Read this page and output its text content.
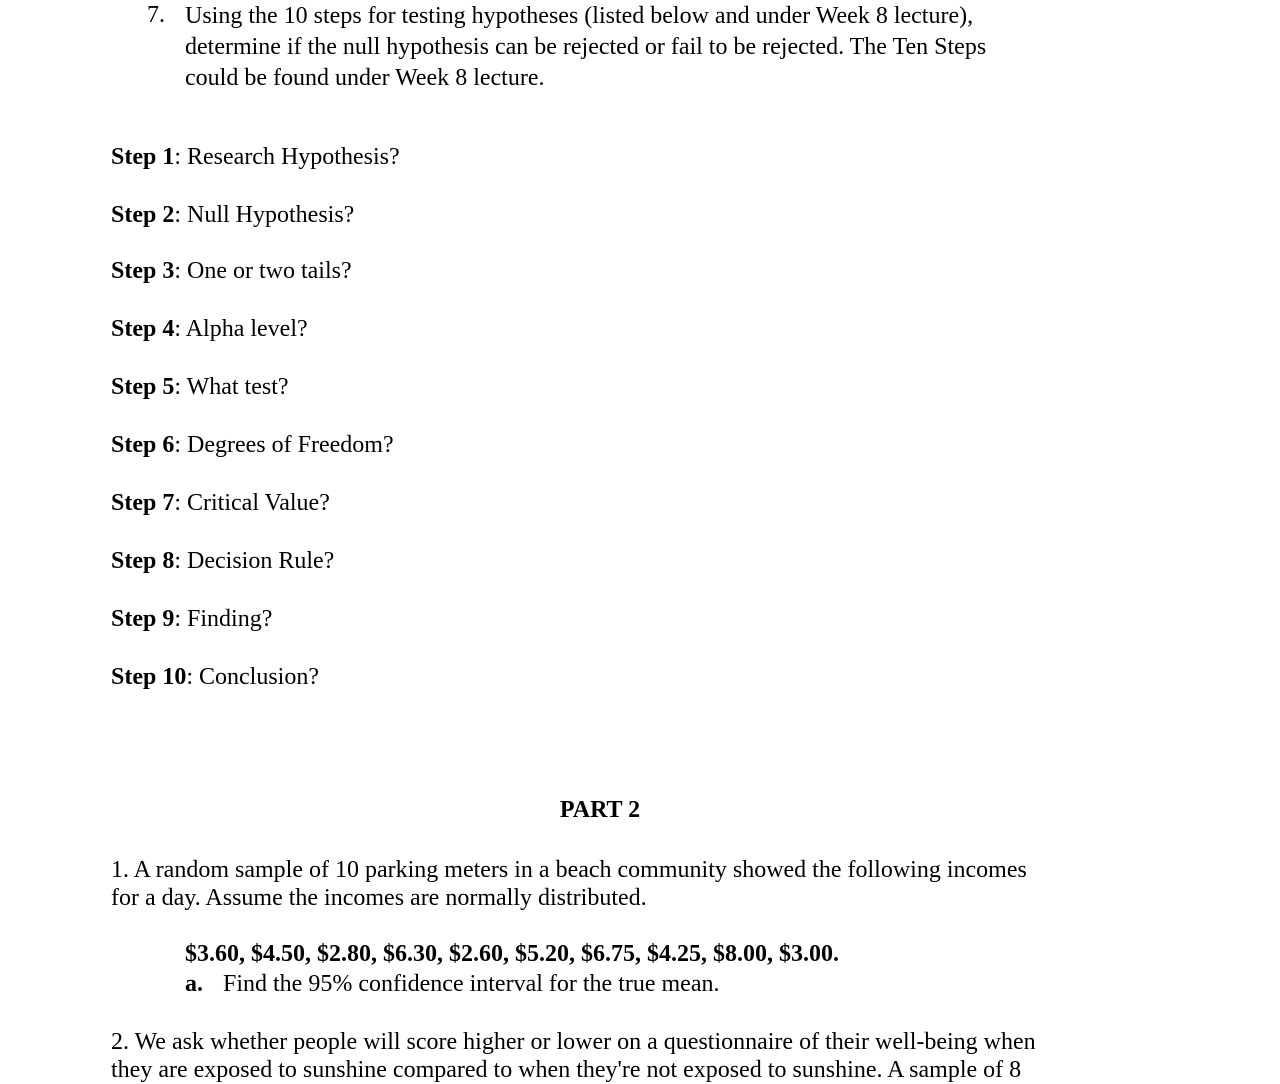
7. Using the 10 steps for testing hypotheses (listed below and under Week 8 lecture),
determine if the null hypothesis can be rejected or fail to be rejected. The Ten Steps
could be found under Week 8 lecture.
Step 1: Research Hypothesis?
Step 2: Null Hypothesis?
Step 3: One or two tails?
Step 4: Alpha level?
Step 5: What test?
Step 6: Degrees of Freedom?
Step 7: Critical Value?
Step 8: Decision Rule?
Step 9: Finding?
Step 10: Conclusion?
PART 2
1. A random sample of 10 parking meters in a beach community showed the following incomes
for a day. Assume the incomes are normally distributed.
$3.60, $4.50, $2.80, $6.30, $2.60, $5.20, $6.75, $4.25, $8.00, $3.00.
a. Find the 95% confidence interval for the true mean.
2. We ask whether people will score higher or lower on a questionnaire of their well-being when
they are exposed to sunshine compared to when they're not exposed to sunshine. A sample of 8
